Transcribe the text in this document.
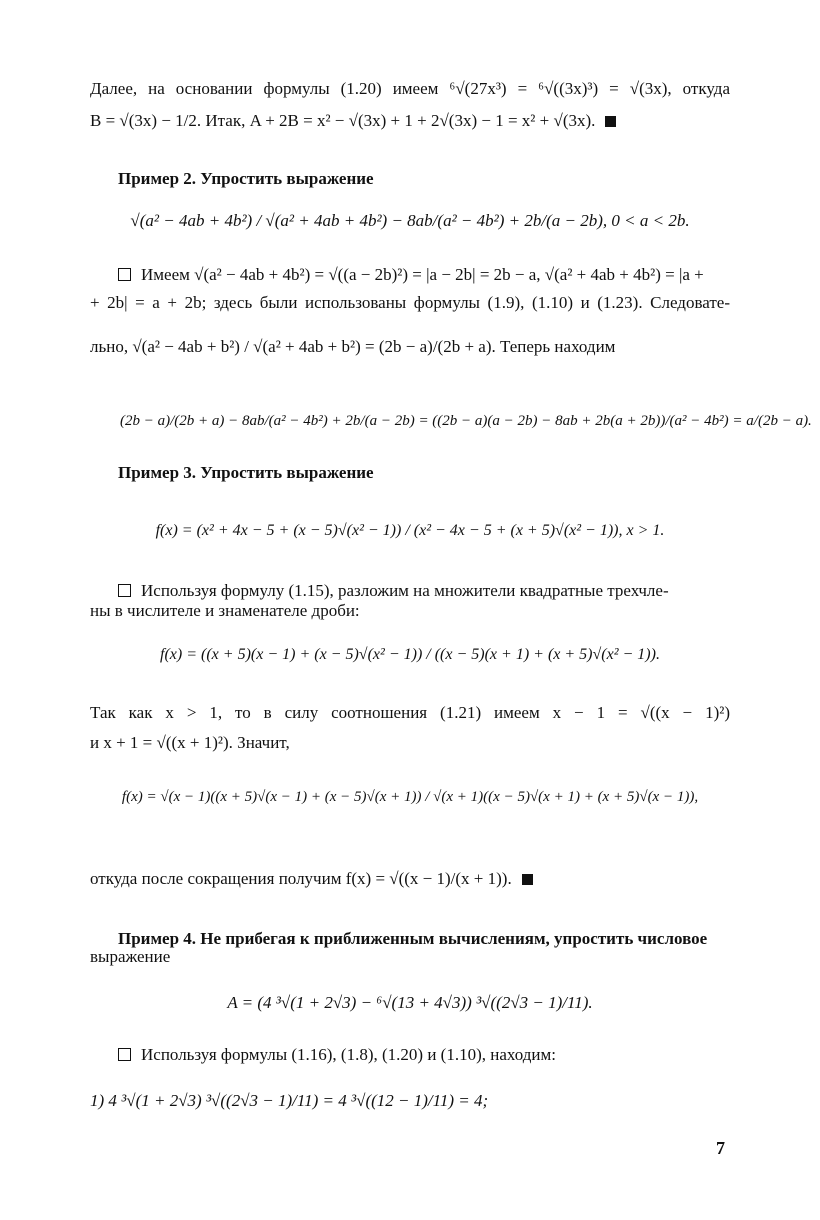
Далее, на основании формулы (1.20) имеем ⁶√(27x³) = ⁶√((3x)³) = √(3x), откуда
B = √(3x) − 1/2. Итак, A + 2B = x² − √(3x) + 1 + 2√(3x) − 1 = x² + √(3x).
Пример 2. Упростить выражение
√(a² − 4ab + 4b²) / √(a² + 4ab + 4b²) − 8ab/(a² − 4b²) + 2b/(a − 2b), 0 < a < 2b.
Имеем √(a² − 4ab + 4b²) = √((a − 2b)²) = |a − 2b| = 2b − a, √(a² + 4ab + 4b²) = |a +
+ 2b| = a + 2b; здесь были использованы формулы (1.9), (1.10) и (1.23). Следовате-
льно, √(a² − 4ab + b²) / √(a² + 4ab + b²) = (2b − a)/(2b + a). Теперь находим
(2b − a)/(2b + a) − 8ab/(a² − 4b²) + 2b/(a − 2b) = ((2b − a)(a − 2b) − 8ab + 2b(a + 2b))/(a² − 4b²) = a/(2b − a).
Пример 3. Упростить выражение
f(x) = (x² + 4x − 5 + (x − 5)√(x² − 1)) / (x² − 4x − 5 + (x + 5)√(x² − 1)), x > 1.
Используя формулу (1.15), разложим на множители квадратные трехчле-
ны в числителе и знаменателе дроби:
f(x) = ((x + 5)(x − 1) + (x − 5)√(x² − 1)) / ((x − 5)(x + 1) + (x + 5)√(x² − 1)).
Так как x > 1, то в силу соотношения (1.21) имеем x − 1 = √((x − 1)²)
и x + 1 = √((x + 1)²). Значит,
f(x) = √(x − 1)((x + 5)√(x − 1) + (x − 5)√(x + 1)) / √(x + 1)((x − 5)√(x + 1) + (x + 5)√(x − 1)),
откуда после сокращения получим f(x) = √((x − 1)/(x + 1)).
Пример 4. Не прибегая к приближенным вычислениям, упростить числовое
выражение
A = (4 ³√(1 + 2√3) − ⁶√(13 + 4√3)) ³√((2√3 − 1)/11).
Используя формулы (1.16), (1.8), (1.20) и (1.10), находим:
1) 4 ³√(1 + 2√3) ³√((2√3 − 1)/11) = 4 ³√((12 − 1)/11) = 4;
7
